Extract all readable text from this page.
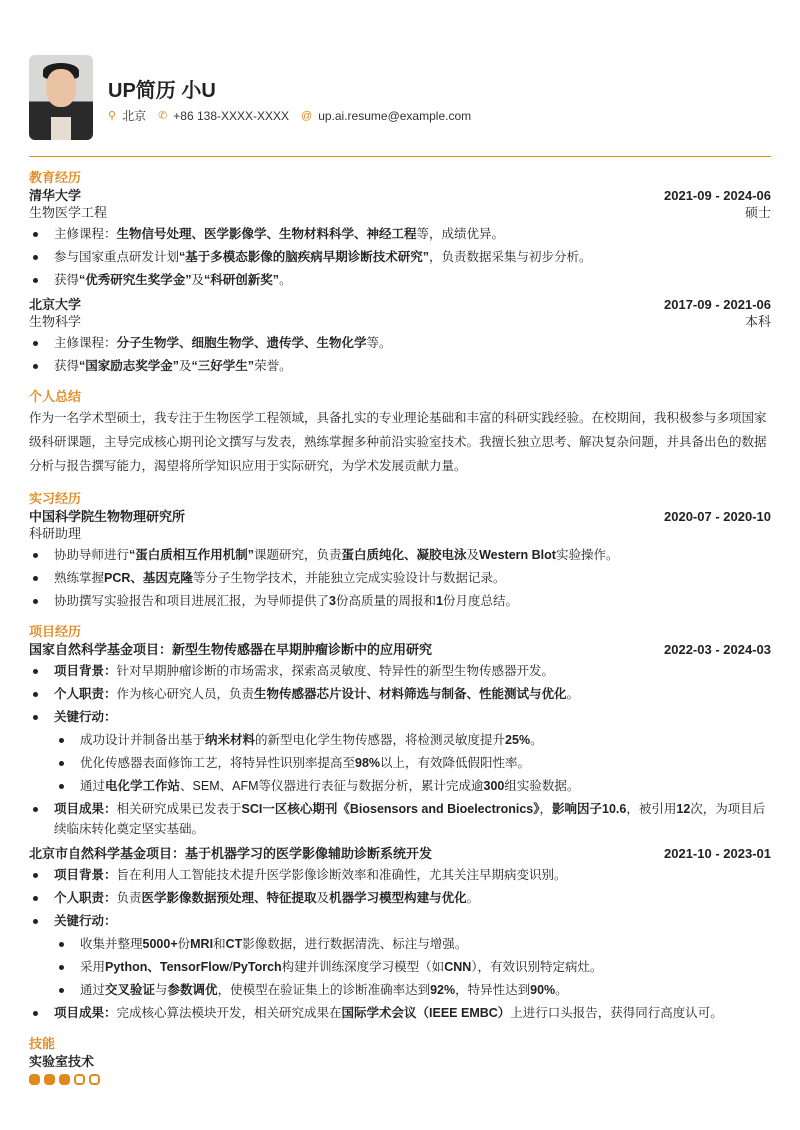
UP简历 小U
⚲ 北京 ✆ +86 138-XXXX-XXXX @ up.ai.resume@example.com
教育经历
清华大学	2021-09 - 2024-06
生物医学工程	硕士
主修课程：生物信号处理、医学影像学、生物材料科学、神经工程等，成绩优异。
参与国家重点研发计划“基于多模态影像的脑疾病早期诊断技术研究”，负责数据采集与初步分析。
获得“优秀研究生奖学金”及“科研创新奖”。
北京大学	2017-09 - 2021-06
生物科学	本科
主修课程：分子生物学、细胞生物学、遗传学、生物化学等。
获得“国家励志奖学金”及“三好学生”荣誉。
个人总结
作为一名学术型硕士，我专注于生物医学工程领域，具备扎实的专业理论基础和丰富的科研实践经验。在校期间，我积极参与多项国家级科研课题，主导完成核心期刊论文撰写与发表，熟练掌握多种前沿实验室技术。我擅长独立思考、解决复杂问题，并具备出色的数据分析与报告撰写能力，渴望将所学知识应用于实际研究，为学术发展贡献力量。
实习经历
中国科学院生物物理研究所	2020-07 - 2020-10
科研助理
协助导师进行“蛋白质相互作用机制”课题研究，负责蛋白质纯化、凝胶电泳及Western Blot实验操作。
熟练掌握PCR、基因克隆等分子生物学技术，并能独立完成实验设计与数据记录。
协助撰写实验报告和项目进展汇报，为导师提供了3份高质量的周报和1份月度总结。
项目经历
国家自然科学基金项目：新型生物传感器在早期肿瘤诊断中的应用研究	2022-03 - 2024-03
项目背景：针对早期肿瘤诊断的市场需求，探索高灵敏度、特异性的新型生物传感器开发。
个人职责：作为核心研究人员，负责生物传感器芯片设计、材料筛选与制备、性能测试与优化。
关键行动：
成功设计并制备出基于纳米材料的新型电化学生物传感器，将检测灵敏度提升25%。
优化传感器表面修饰工艺，将特异性识别率提高至98%以上，有效降低假阳性率。
通过电化学工作站、SEM、AFM等仪器进行表征与数据分析，累计完成逾300组实验数据。
项目成果：相关研究成果已发表于SCI一区核心期刊《Biosensors and Bioelectronics》，影响因子10.6，被引用12次，为项目后续临床转化奠定坚实基础。
北京市自然科学基金项目：基于机器学习的医学影像辅助诊断系统开发	2021-10 - 2023-01
项目背景：旨在利用人工智能技术提升医学影像诊断效率和准确性，尤其关注早期病变识别。
个人职责：负责医学影像数据预处理、特征提取及机器学习模型构建与优化。
关键行动：
收集并整理5000+份MRI和CT影像数据，进行数据清洗、标注与增强。
采用Python、TensorFlow/PyTorch构建并训练深度学习模型（如CNN），有效识别特定病灶。
通过交叉验证与参数调优，使模型在验证集上的诊断准确率达到92%，特异性达到90%。
项目成果：完成核心算法模块开发，相关研究成果在国际学术会议（IEEE EMBC）上进行口头报告，获得同行高度认可。
技能
实验室技术
